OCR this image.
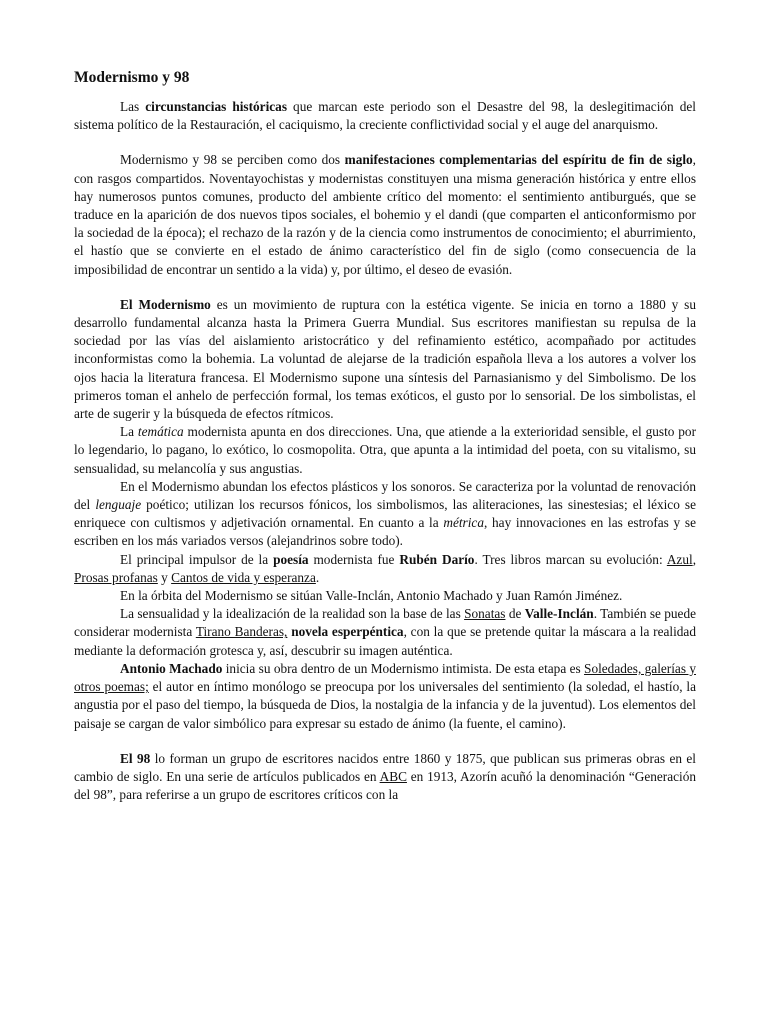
Modernismo y 98

Las circunstancias históricas que marcan este periodo son el Desastre del 98, la deslegitimación del sistema político de la Restauración, el caciquismo, la creciente conflictividad social y el auge del anarquismo.

Modernismo y 98 se perciben como dos manifestaciones complementarias del espíritu de fin de siglo, con rasgos compartidos. Noventayochistas y modernistas constituyen una misma generación histórica y entre ellos hay numerosos puntos comunes, producto del ambiente crítico del momento: el sentimiento antiburgués, que se traduce en la aparición de dos nuevos tipos sociales, el bohemio y el dandi (que comparten el anticonformismo por la sociedad de la época); el rechazo de la razón y de la ciencia como instrumentos de conocimiento; el aburrimiento, el hastío que se convierte en el estado de ánimo característico del fin de siglo (como consecuencia de la imposibilidad de encontrar un sentido a la vida) y, por último, el deseo de evasión.

El Modernismo es un movimiento de ruptura con la estética vigente. Se inicia en torno a 1880 y su desarrollo fundamental alcanza hasta la Primera Guerra Mundial. Sus escritores manifiestan su repulsa de la sociedad por las vías del aislamiento aristocrático y del refinamiento estético, acompañado por actitudes inconformistas como la bohemia. La voluntad de alejarse de la tradición española lleva a los autores a volver los ojos hacia la literatura francesa. El Modernismo supone una síntesis del Parnasianismo y del Simbolismo. De los primeros toman el anhelo de perfección formal, los temas exóticos, el gusto por lo sensorial. De los simbolistas, el arte de sugerir y la búsqueda de efectos rítmicos.

La temática modernista apunta en dos direcciones. Una, que atiende a la exterioridad sensible, el gusto por lo legendario, lo pagano, lo exótico, lo cosmopolita. Otra, que apunta a la intimidad del poeta, con su vitalismo, su sensualidad, su melancolía y sus angustias.

En el Modernismo abundan los efectos plásticos y los sonoros. Se caracteriza por la voluntad de renovación del lenguaje poético; utilizan los recursos fónicos, los simbolismos, las aliteraciones, las sinestesias; el léxico se enriquece con cultismos y adjetivación ornamental. En cuanto a la métrica, hay innovaciones en las estrofas y se escriben en los más variados versos (alejandrinos sobre todo).

El principal impulsor de la poesía modernista fue Rubén Darío. Tres libros marcan su evolución: Azul, Prosas profanas y Cantos de vida y esperanza.

En la órbita del Modernismo se sitúan Valle-Inclán, Antonio Machado y Juan Ramón Jiménez.

La sensualidad y la idealización de la realidad son la base de las Sonatas de Valle-Inclán. También se puede considerar modernista Tirano Banderas, novela esperpéntica, con la que se pretende quitar la máscara a la realidad mediante la deformación grotesca y, así, descubrir su imagen auténtica.

Antonio Machado inicia su obra dentro de un Modernismo intimista. De esta etapa es Soledades, galerías y otros poemas; el autor en íntimo monólogo se preocupa por los universales del sentimiento (la soledad, el hastío, la angustia por el paso del tiempo, la búsqueda de Dios, la nostalgia de la infancia y de la juventud). Los elementos del paisaje se cargan de valor simbólico para expresar su estado de ánimo (la fuente, el camino).

El 98 lo forman un grupo de escritores nacidos entre 1860 y 1875, que publican sus primeras obras en el cambio de siglo. En una serie de artículos publicados en ABC en 1913, Azorín acuñó la denominación “Generación del 98”, para referirse a un grupo de escritores críticos con la
